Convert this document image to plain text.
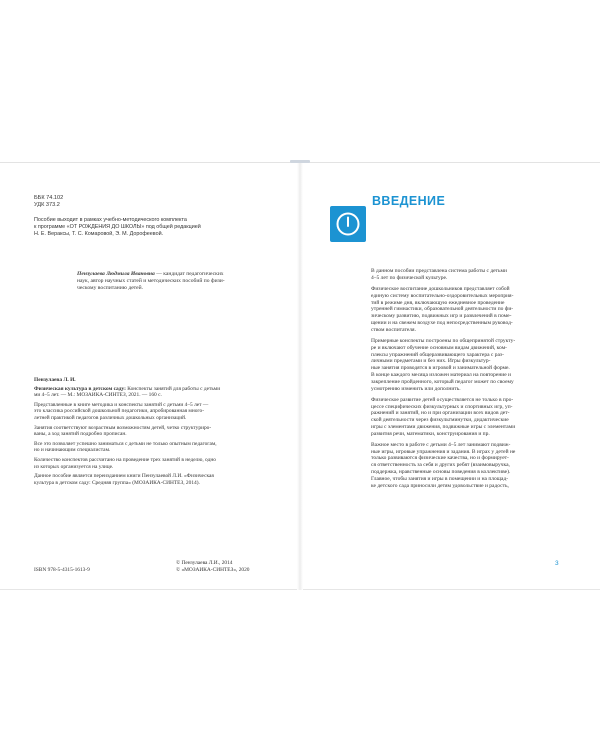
ББК 74.102
УДК 373.2
Пособие выходит в рамках учебно-методического комплекта
к программе «ОТ РОЖДЕНИЯ ДО ШКОЛЫ» под общей редакцией
Н. Е. Вераксы, Т. С. Комаровой, Э. М. Дорофеевой.
Пензулаева Людмила Ивановна — кандидат педагогических
наук, автор научных статей и методических пособий по физи-
ческому воспитанию детей.

Пензулаева Л. И.

Физическая культура в детском саду: Конспекты занятий для работы с детьми
ми 4–5 лет. — М.: МОЗАИКА-СИНТЕЗ, 2021. — 160 с.

Представленные в книге методика и конспекты занятий с детьми 4–5 лет —
это классика российской дошкольной педагогики, апробированная много-
летней практикой педагогов различных дошкольных организаций.

Занятия соответствуют возрастным возможностям детей, четко структуриро-
ваны, а ход занятий подробно прописан.

Все это позволяет успешно заниматься с детьми не только опытным педагогам,
но и начинающим специалистам.

Количество конспектов рассчитано на проведение трех занятий в неделю, одно
из которых организуется на улице.

Данное пособие является переизданием книги Пензулаевой Л.И. «Физическая
культура в детском саду: Средняя группа» (МОЗАИКА-СИНТЕЗ, 2014).

© Пензулаева Л.И., 2014
© «МОЗАИКА-СИНТЕЗ», 2020
ISBN 978-5-4315-1613-9
ВВЕДЕНИЕ

В данном пособии представлена система работы с детьми
4–5 лет по физической культуре.

Физическое воспитание дошкольников представляет собой
единую систему воспитательно-оздоровительных мероприя-
тий в режиме дня, включающую ежедневное проведение
утренней гимнастики, образовательной деятельности по фи-
зическому развитию, подвижных игр и развлечений в поме-
щении и на свежем воздухе под непосредственным руковод-
ством воспитателя.

Примерные конспекты построены по общепринятой структу-
ре и включают обучение основным видам движений, ком-
плексы упражнений общеразвивающего характера с раз-
личными предметами и без них. Игры физкультур-
ные занятия проводятся в игровой и занимательной форме.
В конце каждого месяца изложен материал на повторение и
закрепление пройденного, который педагог может по своему
усмотрению изменить или дополнить.

Физическое развитие детей осуществляется не только в про-
цессе специфических физкультурных и спортивных игр, уп-
ражнений и занятий, но и при организации всех видов дет-
ской деятельности через физкультминутки, дидактические
игры с элементами движения, подвижные игры с элементами
развития речи, математики, конструирования и пр.

Важное место в работе с детьми 4–5 лет занимают подвиж-
ные игры, игровые упражнения и задания. В играх у детей не
только развиваются физические качества, но и формирует-
ся ответственность за себя и других ребят (взаимовыручка,
поддержка, нравственные основы поведения в коллективе).
Главное, чтобы занятия и игры в помещении и на площад-
ке детского сада приносили детям удовольствие и радость,

3
